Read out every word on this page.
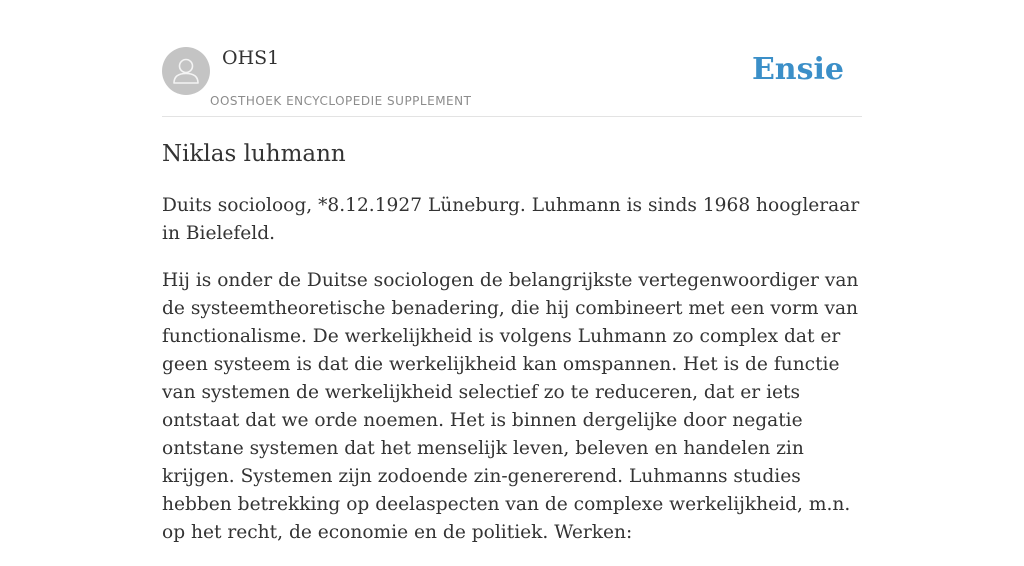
OHS1
OOSTHOEK ENCYCLOPEDIE SUPPLEMENT
Ensie
Niklas luhmann

Duits socioloog, *8.12.1927 Lüneburg. Luhmann is sinds 1968 hoogleraar in Bielefeld.

Hij is onder de Duitse sociologen de belangrijkste vertegenwoordiger van de systeemtheoretische benadering, die hij combineert met een vorm van functionalisme. De werkelijkheid is volgens Luhmann zo complex dat er geen systeem is dat die werkelijkheid kan omspannen. Het is de functie van systemen de werkelijkheid selectief zo te reduceren, dat er iets ontstaat dat we orde noemen. Het is binnen dergelijke door negatie ontstane systemen dat het menselijk leven, beleven en handelen zin krijgen. Systemen zijn zodoende zin-genererend. Luhmanns studies hebben betrekking op deelaspecten van de complexe werkelijkheid, m.n. op het recht, de economie en de politiek. Werken:
